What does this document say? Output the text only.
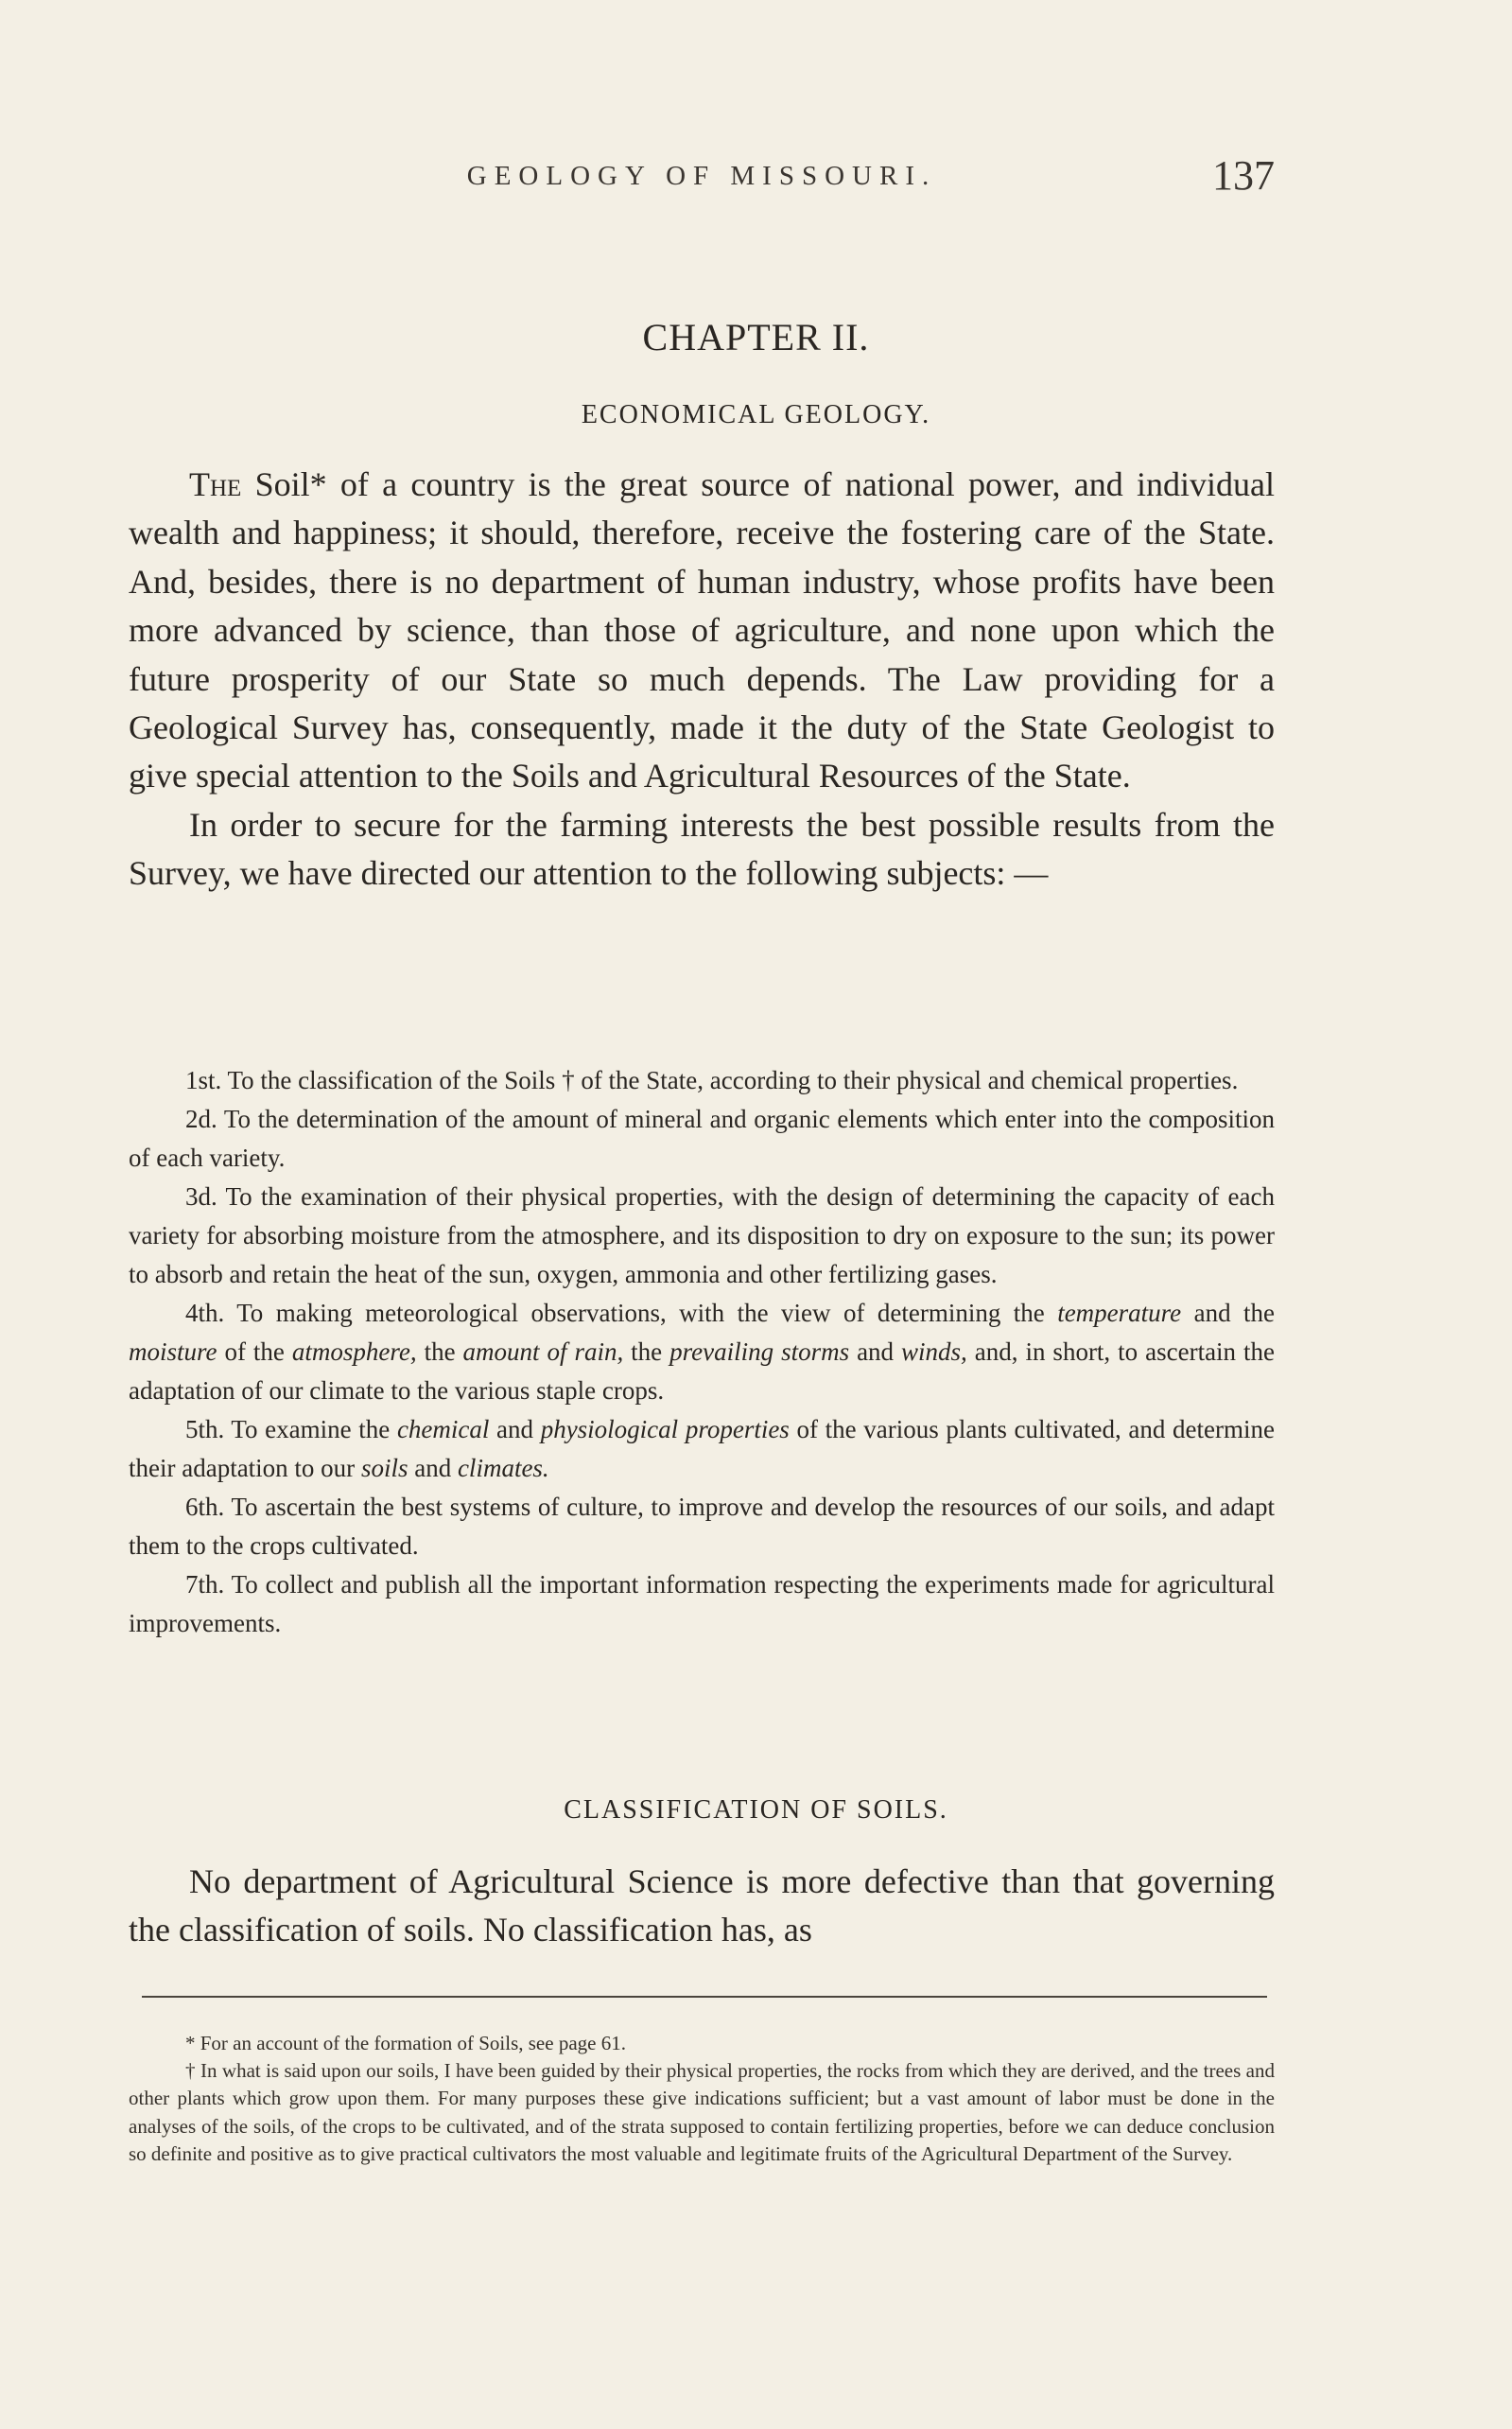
GEOLOGY OF MISSOURI.	137
CHAPTER II.
ECONOMICAL GEOLOGY.

The Soil* of a country is the great source of national power, and individual wealth and happiness; it should, therefore, receive the fostering care of the State. And, besides, there is no department of human industry, whose profits have been more advanced by science, than those of agriculture, and none upon which the future prosperity of our State so much depends. The Law providing for a Geological Survey has, consequently, made it the duty of the State Geologist to give special attention to the Soils and Agricultural Resources of the State.

In order to secure for the farming interests the best possible results from the Survey, we have directed our attention to the following subjects: —

1st. To the classification of the Soils † of the State, according to their physical and chemical properties.

2d. To the determination of the amount of mineral and organic elements which enter into the composition of each variety.

3d. To the examination of their physical properties, with the design of determining the capacity of each variety for absorbing moisture from the atmosphere, and its disposition to dry on exposure to the sun; its power to absorb and retain the heat of the sun, oxygen, ammonia and other fertilizing gases.

4th. To making meteorological observations, with the view of determining the temperature and the moisture of the atmosphere, the amount of rain, the prevailing storms and winds, and, in short, to ascertain the adaptation of our climate to the various staple crops.

5th. To examine the chemical and physiological properties of the various plants cultivated, and determine their adaptation to our soils and climates.

6th. To ascertain the best systems of culture, to improve and develop the resources of our soils, and adapt them to the crops cultivated.

7th. To collect and publish all the important information respecting the experiments made for agricultural improvements.

CLASSIFICATION OF SOILS.

No department of Agricultural Science is more defective than that governing the classification of soils. No classification has, as

* For an account of the formation of Soils, see page 61.

† In what is said upon our soils, I have been guided by their physical properties, the rocks from which they are derived, and the trees and other plants which grow upon them. For many purposes these give indications sufficient; but a vast amount of labor must be done in the analyses of the soils, of the crops to be cultivated, and of the strata supposed to contain fertilizing properties, before we can deduce conclusion so definite and positive as to give practical cultivators the most valuable and legitimate fruits of the Agricultural Department of the Survey.
